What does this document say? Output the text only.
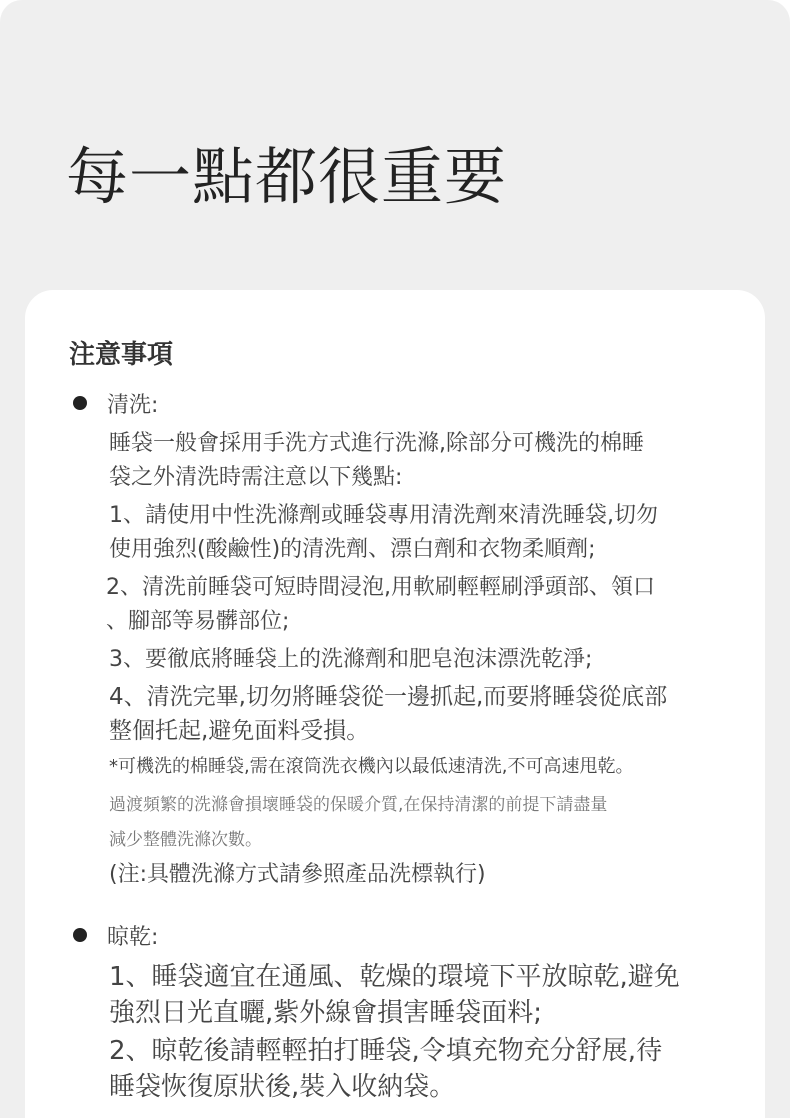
每一點都很重要
注意事項
清洗:
睡袋一般會採用手洗方式進行洗滌,除部分可機洗的棉睡
袋之外清洗時需注意以下幾點:
1、請使用中性洗滌劑或睡袋專用清洗劑來清洗睡袋,切勿
使用強烈(酸鹼性)的清洗劑、漂白劑和衣物柔順劑;
2、清洗前睡袋可短時間浸泡,用軟刷輕輕刷淨頭部、領口
、腳部等易髒部位;
3、要徹底將睡袋上的洗滌劑和肥皂泡沫漂洗乾淨;
4、清洗完畢,切勿將睡袋從一邊抓起,而要將睡袋從底部
整個托起,避免面料受損。
*可機洗的棉睡袋,需在滾筒洗衣機內以最低速清洗,不可高速甩乾。
過渡頻繁的洗滌會損壞睡袋的保暖介質,在保持清潔的前提下請盡量
減少整體洗滌次數。
(注:具體洗滌方式請參照產品洗標執行)
晾乾:
1、睡袋適宜在通風、乾燥的環境下平放晾乾,避免
強烈日光直曬,紫外線會損害睡袋面料;
2、晾乾後請輕輕拍打睡袋,令填充物充分舒展,待
睡袋恢復原狀後,裝入收納袋。
